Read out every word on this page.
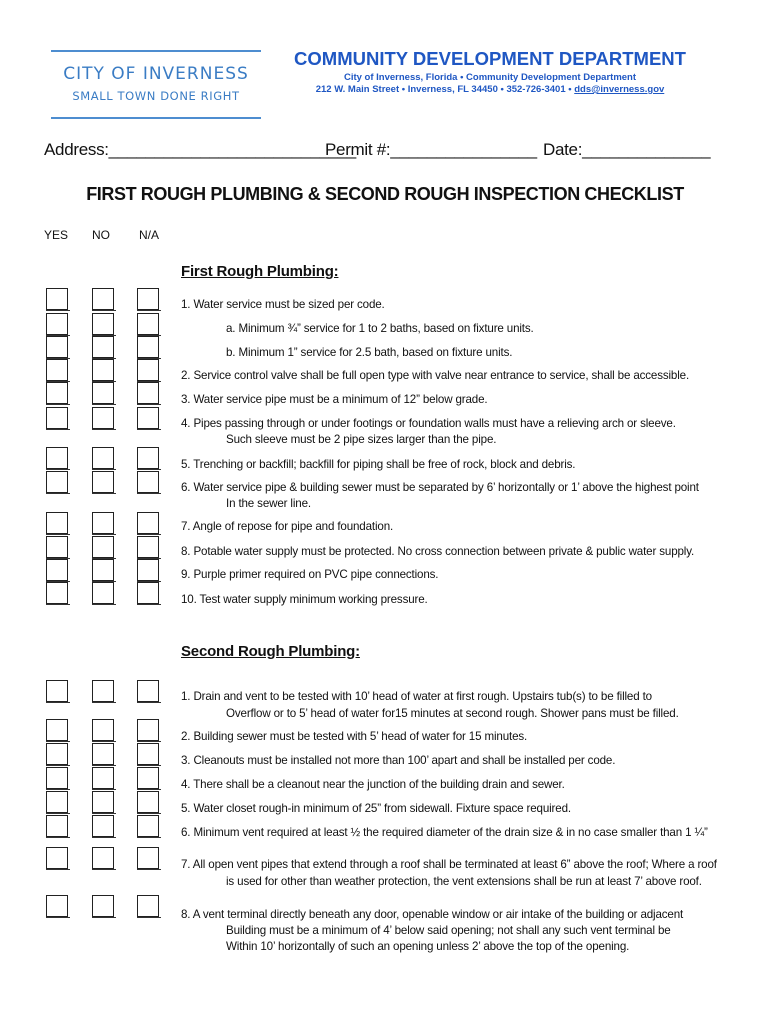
CITY OF INVERNESS
SMALL TOWN DONE RIGHT
COMMUNITY DEVELOPMENT DEPARTMENT
City of Inverness, Florida • Community Development Department
212 W. Main Street • Inverness, FL 34450 • 352-726-3401 • dds@inverness.gov
Address:___________________________
Permit #:________________ Date:______________
FIRST ROUGH PLUMBING & SECOND ROUGH INSPECTION CHECKLIST
YES NO N/A
First Rough Plumbing:
1. Water service must be sized per code.
a. Minimum ¾” service for 1 to 2 baths, based on fixture units.
b. Minimum 1” service for 2.5 bath, based on fixture units.
2. Service control valve shall be full open type with valve near entrance to service, shall be accessible.
3. Water service pipe must be a minimum of 12” below grade.
4. Pipes passing through or under footings or foundation walls must have a relieving arch or sleeve.
Such sleeve must be 2 pipe sizes larger than the pipe.
5. Trenching or backfill; backfill for piping shall be free of rock, block and debris.
6. Water service pipe & building sewer must be separated by 6’ horizontally or 1’ above the highest point
In the sewer line.
7. Angle of repose for pipe and foundation.
8. Potable water supply must be protected. No cross connection between private & public water supply.
9. Purple primer required on PVC pipe connections.
10. Test water supply minimum working pressure.
Second Rough Plumbing:
1. Drain and vent to be tested with 10’ head of water at first rough. Upstairs tub(s) to be filled to
Overflow or to 5’ head of water for15 minutes at second rough. Shower pans must be filled.
2. Building sewer must be tested with 5’ head of water for 15 minutes.
3. Cleanouts must be installed not more than 100’ apart and shall be installed per code.
4. There shall be a cleanout near the junction of the building drain and sewer.
5. Water closet rough-in minimum of 25” from sidewall. Fixture space required.
6. Minimum vent required at least ½ the required diameter of the drain size & in no case smaller than 1 ¼”
7. All open vent pipes that extend through a roof shall be terminated at least 6” above the roof; Where a roof
is used for other than weather protection, the vent extensions shall be run at least 7’ above roof.
8. A vent terminal directly beneath any door, openable window or air intake of the building or adjacent
Building must be a minimum of 4’ below said opening; not shall any such vent terminal be
Within 10’ horizontally of such an opening unless 2’ above the top of the opening.
